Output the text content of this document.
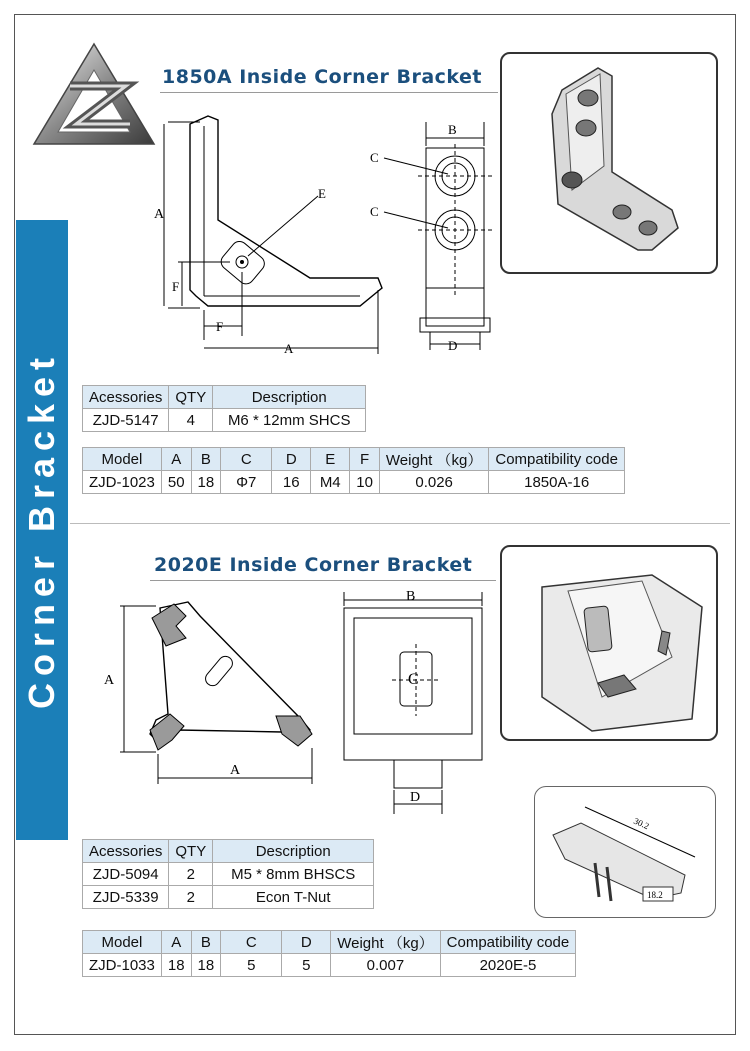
Corner Bracket
1850A Inside Corner Bracket
A
F
F
A
E
B
C
C
D
Acessories	QTY	Description
ZJD-5147	4	M6 * 12mm SHCS
Model	A	B	C	D	E	F	Weight （kg）	Compatibility code
ZJD-1023	50	18	Φ7	16	M4	10	0.026	1850A-16
2020E Inside Corner Bracket
A
A
C
B
D
30.2
18.2
Acessories	QTY	Description
ZJD-5094	2	M5 * 8mm BHSCS
ZJD-5339	2	Econ T-Nut
Model	A	B	C	D	Weight （kg）	Compatibility code
ZJD-1033	18	18	5	5	0.007	2020E-5
